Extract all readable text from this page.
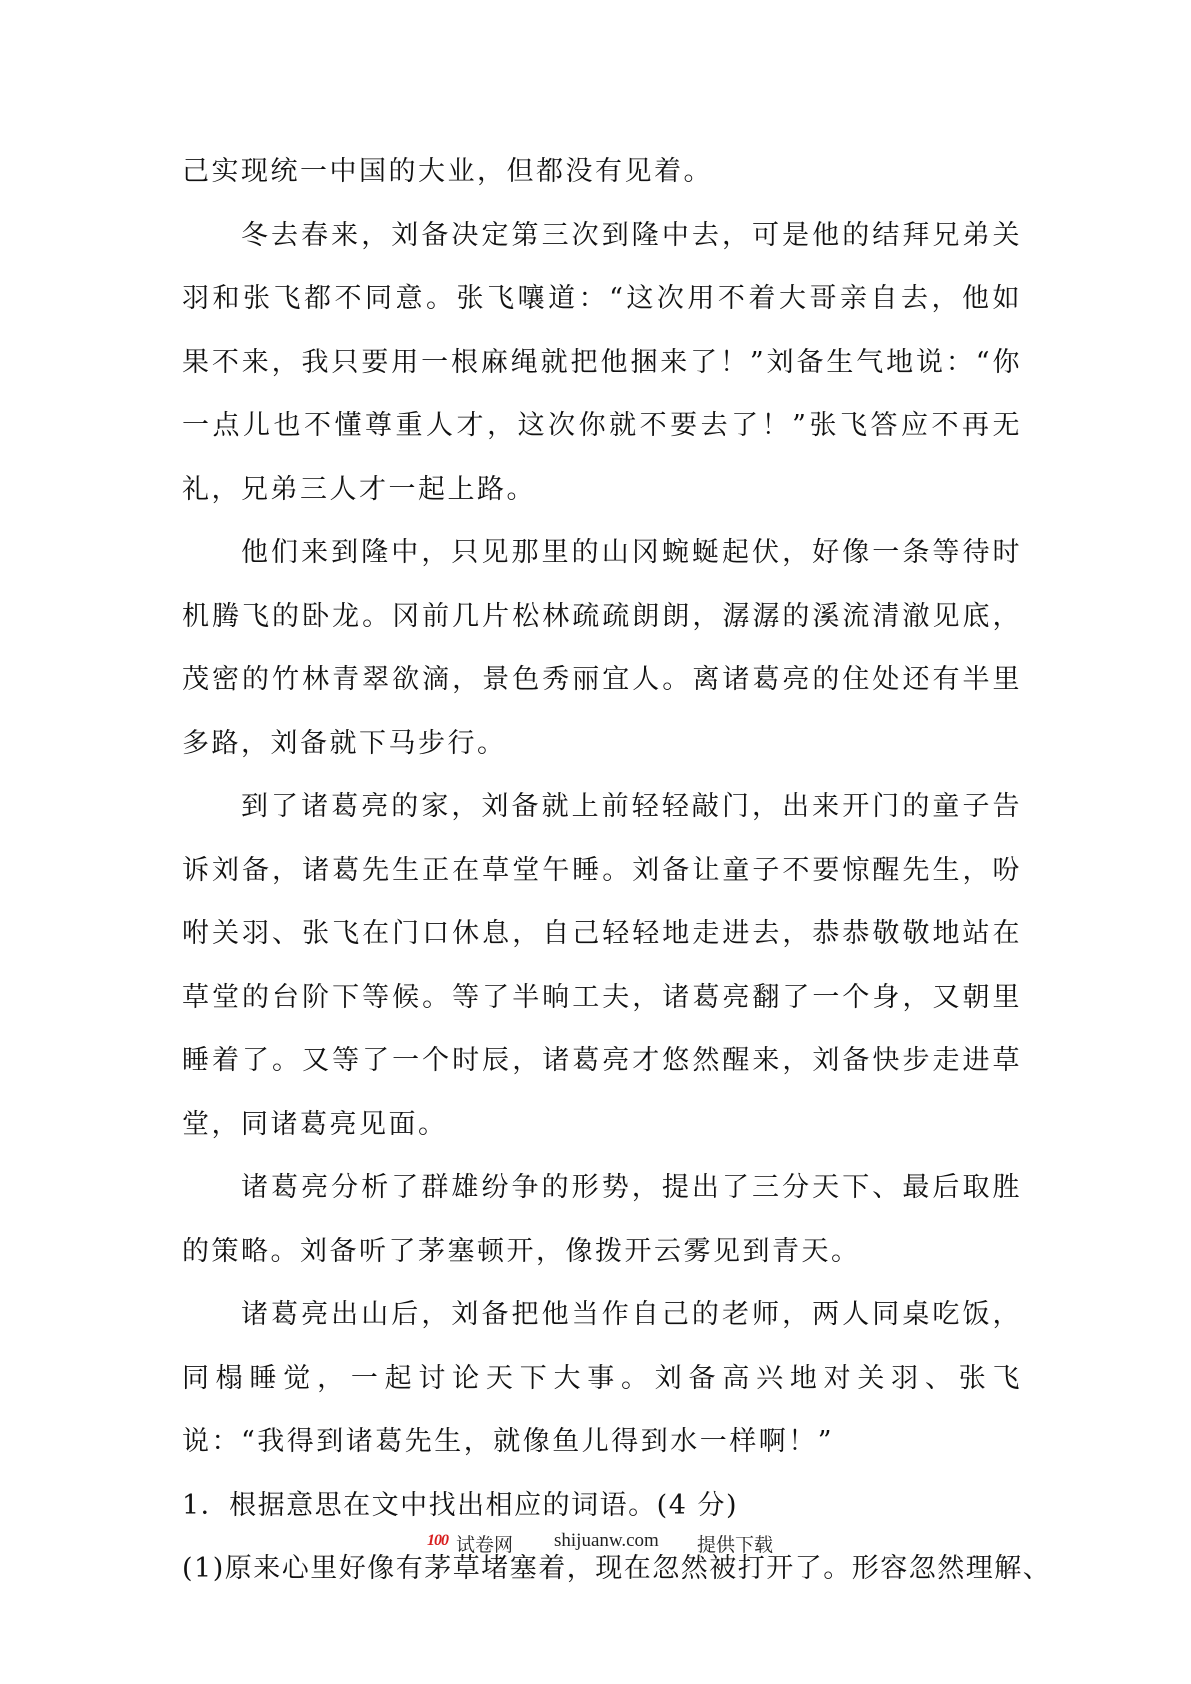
己实现统一中国的大业，但都没有见着。

冬去春来，刘备决定第三次到隆中去，可是他的结拜兄弟关羽和张飞都不同意。张飞嚷道：“这次用不着大哥亲自去，他如果不来，我只要用一根麻绳就把他捆来了！”刘备生气地说：“你一点儿也不懂尊重人才，这次你就不要去了！”张飞答应不再无礼，兄弟三人才一起上路。

他们来到隆中，只见那里的山冈蜿蜒起伏，好像一条等待时机腾飞的卧龙。冈前几片松林疏疏朗朗，潺潺的溪流清澈见底，茂密的竹林青翠欲滴，景色秀丽宜人。离诸葛亮的住处还有半里多路，刘备就下马步行。

到了诸葛亮的家，刘备就上前轻轻敲门，出来开门的童子告诉刘备，诸葛先生正在草堂午睡。刘备让童子不要惊醒先生，吩咐关羽、张飞在门口休息，自己轻轻地走进去，恭恭敬敬地站在草堂的台阶下等候。等了半晌工夫，诸葛亮翻了一个身，又朝里睡着了。又等了一个时辰，诸葛亮才悠然醒来，刘备快步走进草堂，同诸葛亮见面。

诸葛亮分析了群雄纷争的形势，提出了三分天下、最后取胜的策略。刘备听了茅塞顿开，像拨开云雾见到青天。

诸葛亮出山后，刘备把他当作自己的老师，两人同桌吃饭，同榻睡觉，一起讨论天下大事。刘备高兴地对关羽、张飞说：“我得到诸葛先生，就像鱼儿得到水一样啊！”

1．根据意思在文中找出相应的词语。(4 分)
(1)原来心里好像有茅草堵塞着，现在忽然被打开了。形容忽然理解、
100 试卷网 shijuanw.com 提供下载
